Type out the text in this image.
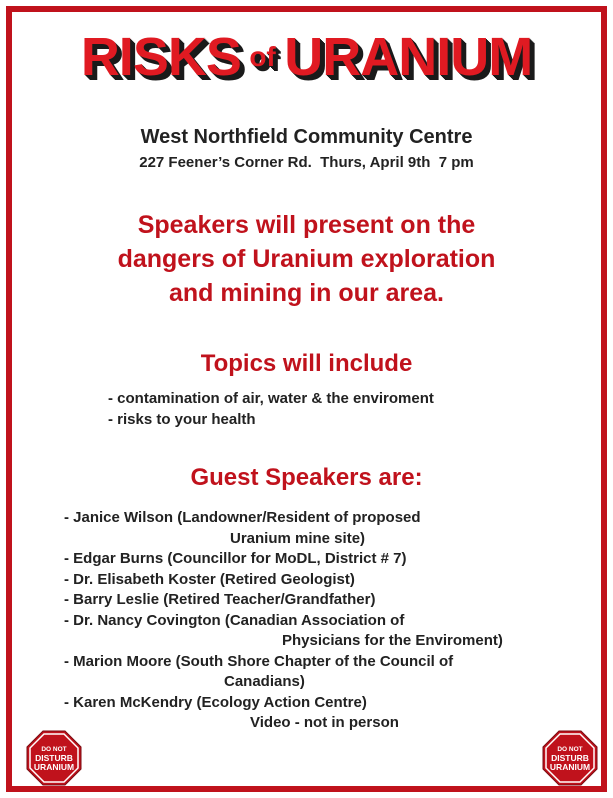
RISKS of URANIUM
West Northfield Community Centre
227 Feener’s Corner Rd.  Thurs, April 9th  7 pm
Speakers will present on the
dangers of Uranium exploration
and mining in our area.
Topics will include
- contamination of air, water & the enviroment
- risks to your health
Guest Speakers are:
- Janice Wilson (Landowner/Resident of proposed
Uranium mine site)
- Edgar Burns (Councillor for MoDL, District # 7)
- Dr. Elisabeth Koster (Retired Geologist)
- Barry Leslie (Retired Teacher/Grandfather)
- Dr. Nancy Covington (Canadian Association of
Physicians for the Enviroment)
- Marion Moore (South Shore Chapter of the Council of
Canadians)
- Karen McKendry (Ecology Action Centre)
Video - not in person
DO NOT
DISTURB
URANIUM
DO NOT
DISTURB
URANIUM
